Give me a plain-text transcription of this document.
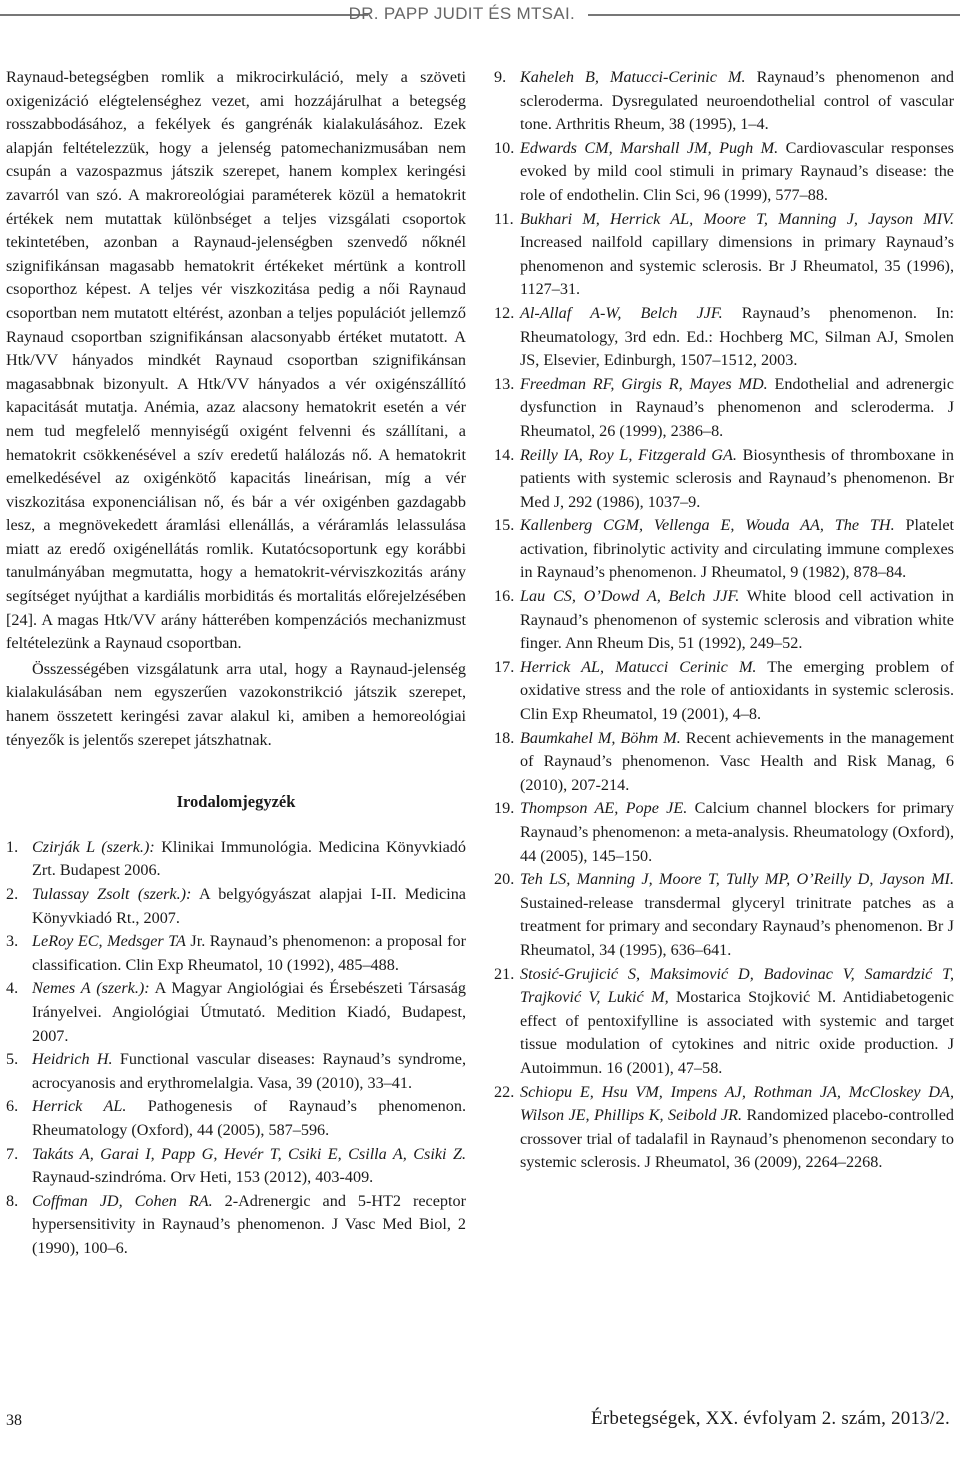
DR. PAPP JUDIT ÉS MTSAI.

Raynaud-betegségben romlik a mikrocirkuláció, mely a szöveti oxigenizáció elégtelenséghez vezet, ami hozzájárulhat a betegség rosszabbodásához, a fekélyek és gangrénák kialakulásához. Ezek alapján feltételezzük, hogy a jelenség patomechanizmusában nem csupán a vazospazmus játszik szerepet, hanem komplex keringési zavarról van szó. A makroreológiai paraméterek közül a hematokrit értékek nem mutattak különbséget a teljes vizsgálati csoportok tekintetében, azonban a Raynaud-jelenségben szenvedő nőknél szignifikánsan magasabb hematokrit értékeket mértünk a kontroll csoporthoz képest. A teljes vér viszkozitása pedig a női Raynaud csoportban nem mutatott eltérést, azonban a teljes populációt jellemző Raynaud csoportban szignifikánsan alacsonyabb értéket mutatott. A Htk/VV hányados mindkét Raynaud csoportban szignifikánsan magasabbnak bizonyult. A Htk/VV hányados a vér oxigénszállító kapacitását mutatja. Anémia, azaz alacsony hematokrit esetén a vér nem tud megfelelő mennyiségű oxigént felvenni és szállítani, a hematokrit csökkenésével a szív eredetű halálozás nő. A hematokrit emelkedésével az oxigénkötő kapacitás lineárisan, míg a vér viszkozitása exponenciálisan nő, és bár a vér oxigénben gazdagabb lesz, a megnövekedett áramlási ellenállás, a véráramlás lelassulása miatt az eredő oxigénellátás romlik. Kutatócsoportunk egy korábbi tanulmányában megmutatta, hogy a hematokrit-vérviszkozitás arány segítséget nyújthat a kardiális morbiditás és mortalitás előrejelzésében [24]. A magas Htk/VV arány hátterében kompenzációs mechanizmust feltételezünk a Raynaud csoportban.

Összességében vizsgálatunk arra utal, hogy a Raynaud-jelenség kialakulásában nem egyszerűen vazokonstrikció játszik szerepet, hanem összetett keringési zavar alakul ki, amiben a hemoreológiai tényezők is jelentős szerepet játszhatnak.

Irodalomjegyzék
1. Czirják L (szerk.): Klinikai Immunológia. Medicina Könyvkiadó Zrt. Budapest 2006.
2. Tulassay Zsolt (szerk.): A belgyógyászat alapjai I-II. Medicina Könyvkiadó Rt., 2007.
3. LeRoy EC, Medsger TA Jr. Raynaud’s phenomenon: a proposal for classification. Clin Exp Rheumatol, 10 (1992), 485–488.
4. Nemes A (szerk.): A Magyar Angiológiai és Érsebészeti Társaság Irányelvei. Angiológiai Útmutató. Medition Kiadó, Budapest, 2007.
5. Heidrich H. Functional vascular diseases: Raynaud’s syndrome, acrocyanosis and erythromelalgia. Vasa, 39 (2010), 33–41.
6. Herrick AL. Pathogenesis of Raynaud’s phenomenon. Rheumatology (Oxford), 44 (2005), 587–596.
7. Takáts A, Garai I, Papp G, Hevér T, Csiki E, Csilla A, Csiki Z. Raynaud-szindróma. Orv Heti, 153 (2012), 403-409.
8. Coffman JD, Cohen RA. 2-Adrenergic and 5-HT2 receptor hypersensitivity in Raynaud’s phenomenon. J Vasc Med Biol, 2 (1990), 100–6.
9. Kaheleh B, Matucci-Cerinic M. Raynaud’s phenomenon and scleroderma. Dysregulated neuroendothelial control of vascular tone. Arthritis Rheum, 38 (1995), 1–4.
10. Edwards CM, Marshall JM, Pugh M. Cardiovascular responses evoked by mild cool stimuli in primary Raynaud’s disease: the role of endothelin. Clin Sci, 96 (1999), 577–88.
11. Bukhari M, Herrick AL, Moore T, Manning J, Jayson MIV. Increased nailfold capillary dimensions in primary Raynaud’s phenomenon and systemic sclerosis. Br J Rheumatol, 35 (1996), 1127–31.
12. Al-Allaf A-W, Belch JJF. Raynaud’s phenomenon. In: Rheumatology, 3rd edn. Ed.: Hochberg MC, Silman AJ, Smolen JS, Elsevier, Edinburgh, 1507–1512, 2003.
13. Freedman RF, Girgis R, Mayes MD. Endothelial and adrenergic dysfunction in Raynaud’s phenomenon and scleroderma. J Rheumatol, 26 (1999), 2386–8.
14. Reilly IA, Roy L, Fitzgerald GA. Biosynthesis of thromboxane in patients with systemic sclerosis and Raynaud’s phenomenon. Br Med J, 292 (1986), 1037–9.
15. Kallenberg CGM, Vellenga E, Wouda AA, The TH. Platelet activation, fibrinolytic activity and circulating immune complexes in Raynaud’s phenomenon. J Rheumatol, 9 (1982), 878–84.
16. Lau CS, O’Dowd A, Belch JJF. White blood cell activation in Raynaud’s phenomenon of systemic sclerosis and vibration white finger. Ann Rheum Dis, 51 (1992), 249–52.
17. Herrick AL, Matucci Cerinic M. The emerging problem of oxidative stress and the role of antioxidants in systemic sclerosis. Clin Exp Rheumatol, 19 (2001), 4–8.
18. Baumkahel M, Böhm M. Recent achievements in the management of Raynaud’s phenomenon. Vasc Health and Risk Manag, 6 (2010), 207-214.
19. Thompson AE, Pope JE. Calcium channel blockers for primary Raynaud’s phenomenon: a meta-analysis. Rheumatology (Oxford), 44 (2005), 145–150.
20. Teh LS, Manning J, Moore T, Tully MP, O’Reilly D, Jayson MI. Sustained-release transdermal glyceryl trinitrate patches as a treatment for primary and secondary Raynaud’s phenomenon. Br J Rheumatol, 34 (1995), 636–641.
21. Stosić-Grujicić S, Maksimović D, Badovinac V, Samardzić T, Trajković V, Lukić M, Mostarica Stojković M. Antidiabetogenic effect of pentoxifylline is associated with systemic and target tissue modulation of cytokines and nitric oxide production. J Autoimmun. 16 (2001), 47–58.
22. Schiopu E, Hsu VM, Impens AJ, Rothman JA, McCloskey DA, Wilson JE, Phillips K, Seibold JR. Randomized placebo-controlled crossover trial of tadalafil in Raynaud’s phenomenon secondary to systemic sclerosis. J Rheumatol, 36 (2009), 2264–2268.
38	Érbetegségek, XX. évfolyam 2. szám, 2013/2.
